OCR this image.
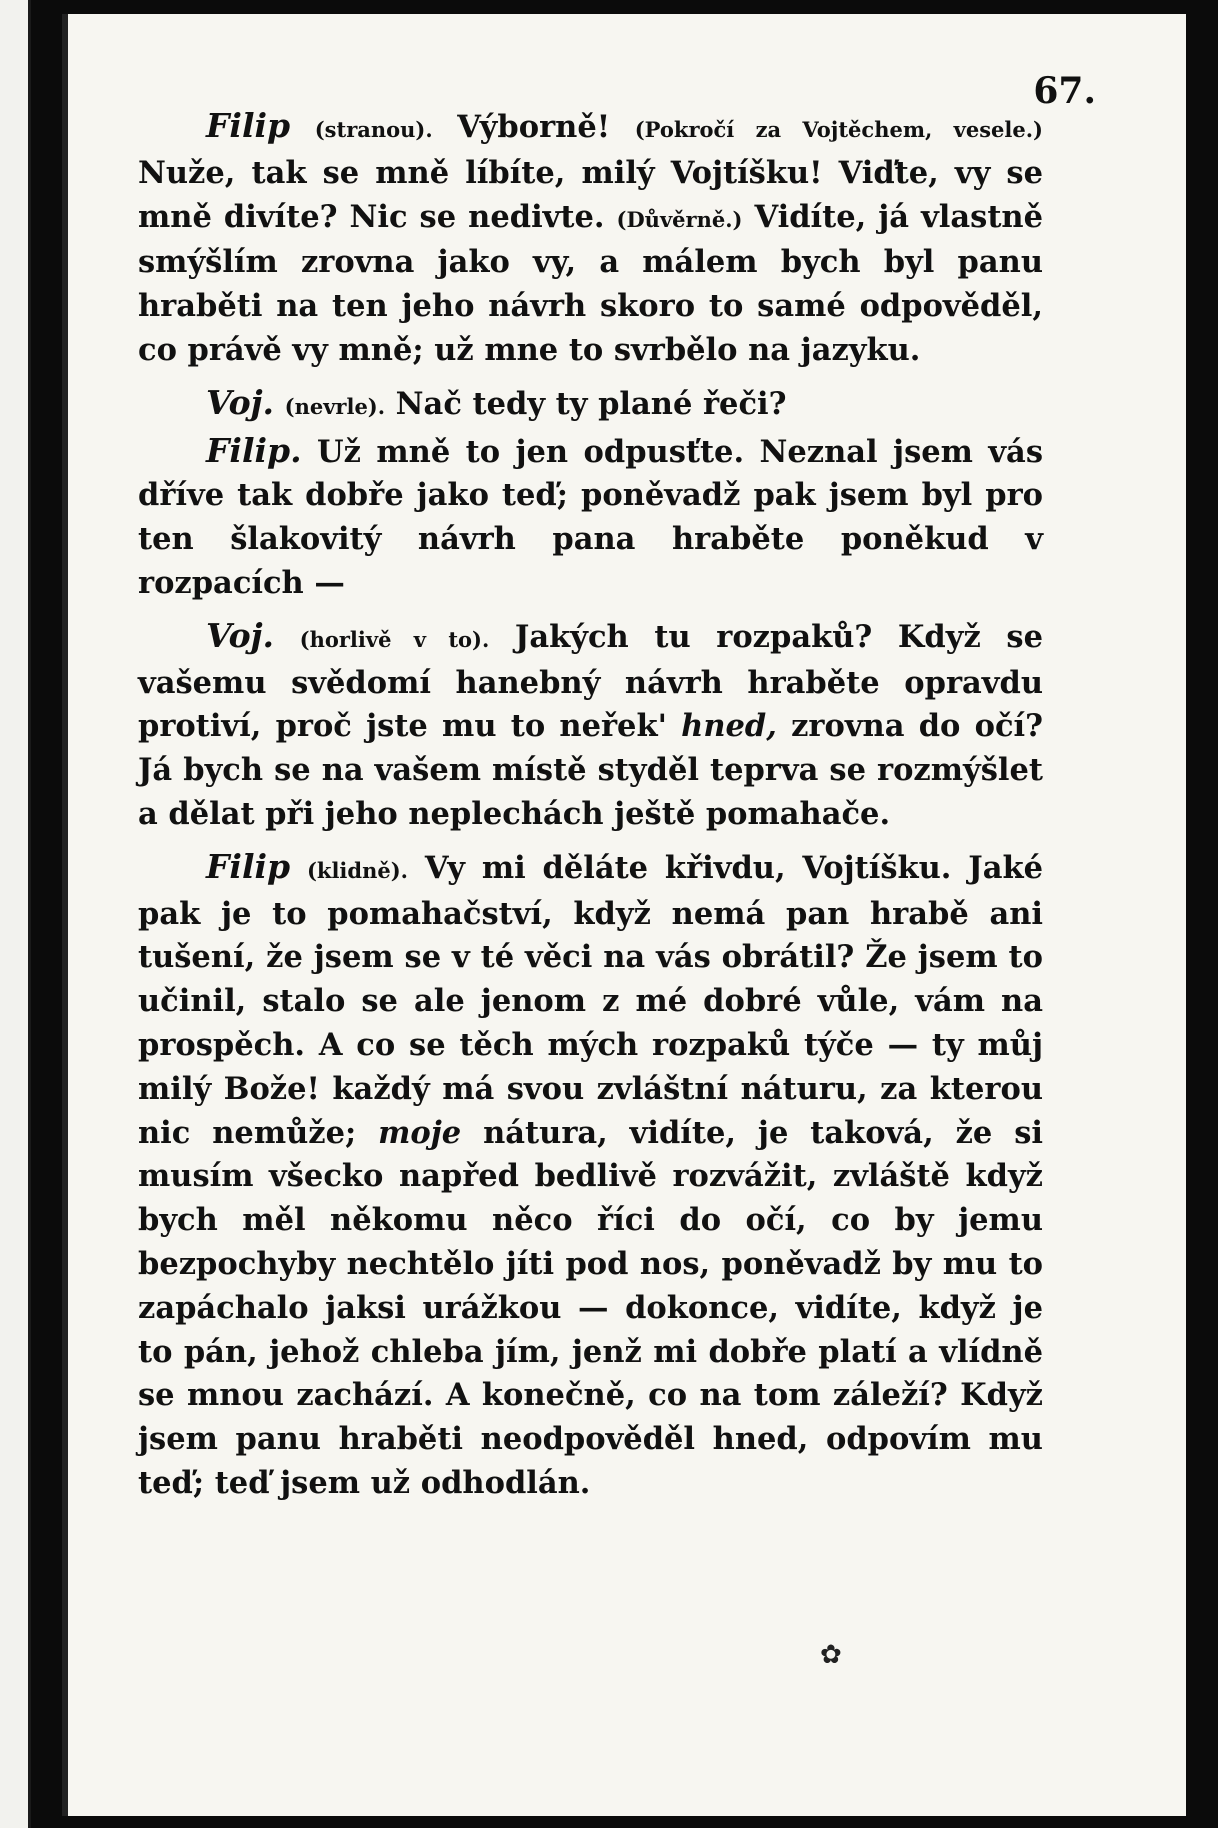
67.

Filip (stranou). Výborně! (Pokročí za Vojtěchem, vesele.) Nuže, tak se mně líbíte, milý Vojtíšku! Viďte, vy se mně divíte? Nic se nedivte. (Důvěrně.) Vidíte, já vlastně smýšlím zrovna jako vy, a málem bych byl panu hraběti na ten jeho návrh skoro to samé odpověděl, co právě vy mně; už mne to svrbělo na jazyku.

Voj. (nevrle). Nač tedy ty plané řeči?

Filip. Už mně to jen odpusťte. Neznal jsem vás dříve tak dobře jako teď; poněvadž pak jsem byl pro ten šlakovitý návrh pana hraběte poněkud v rozpacích —

Voj. (horlivě v to). Jakých tu rozpaků? Když se vašemu svědomí hanebný návrh hraběte opravdu protiví, proč jste mu to neřek' hned, zrovna do očí? Já bych se na vašem místě styděl teprva se rozmýšlet a dělat při jeho neplechách ještě pomahače.

Filip (klidně). Vy mi děláte křivdu, Vojtíšku. Jaké pak je to pomahačství, když nemá pan hrabě ani tušení, že jsem se v té věci na vás obrátil? Že jsem to učinil, stalo se ale jenom z mé dobré vůle, vám na prospěch. A co se těch mých rozpaků týče — ty můj milý Bože! každý má svou zvláštní náturu, za kterou nic nemůže; moje nátura, vidíte, je taková, že si musím všecko napřed bedlivě rozvážit, zvláště když bych měl někomu něco říci do očí, co by jemu bezpochyby nechtělo jíti pod nos, poněvadž by mu to zapáchalo jaksi urážkou — dokonce, vidíte, když je to pán, jehož chleba jím, jenž mi dobře platí a vlídně se mnou zachází. A konečně, co na tom záleží? Když jsem panu hraběti neodpověděl hned, odpovím mu teď; teď jsem už odhodlán.

✿
